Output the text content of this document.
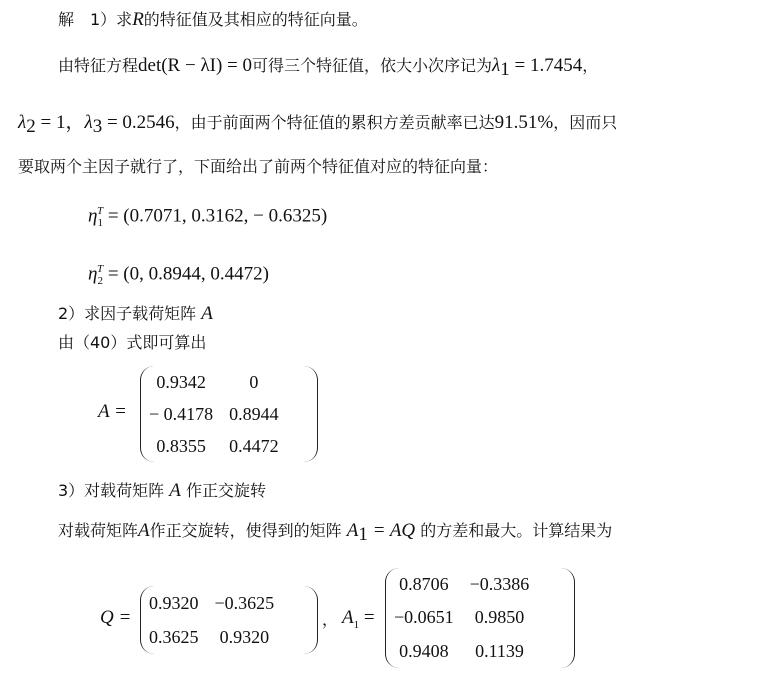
解　1）求R的特征值及其相应的特征向量。
由特征方程det(R − λI) = 0可得三个特征值，依大小次序记为$\lambda_1 = 1.7454$，
$\lambda_2 = 1$，$\lambda_3 = 0.2546$，由于前面两个特征值的累积方差贡献率已达91.51%，因而只
要取两个主因子就行了，下面给出了前两个特征值对应的特征向量：
$\eta_1^T = (0.7071$, 0.3162, − 0.6325)
$\eta_2^T = (0$, 0.8944, 0.4472)
2）求因子载荷矩阵 A
由（40）式即可算出
A =
0.9342	0
− 0.4178	0.8944
0.8355	0.4472
3）对载荷矩阵 A 作正交旋转
对载荷矩阵A作正交旋转，使得到的矩阵 $A_1$ = AQ 的方差和最大。计算结果为
Q =
0.9320	−0.3625
0.3625	0.9320
， $A_1$ =
0.8706	−0.3386
−0.0651	0.9850
0.9408	0.1139
